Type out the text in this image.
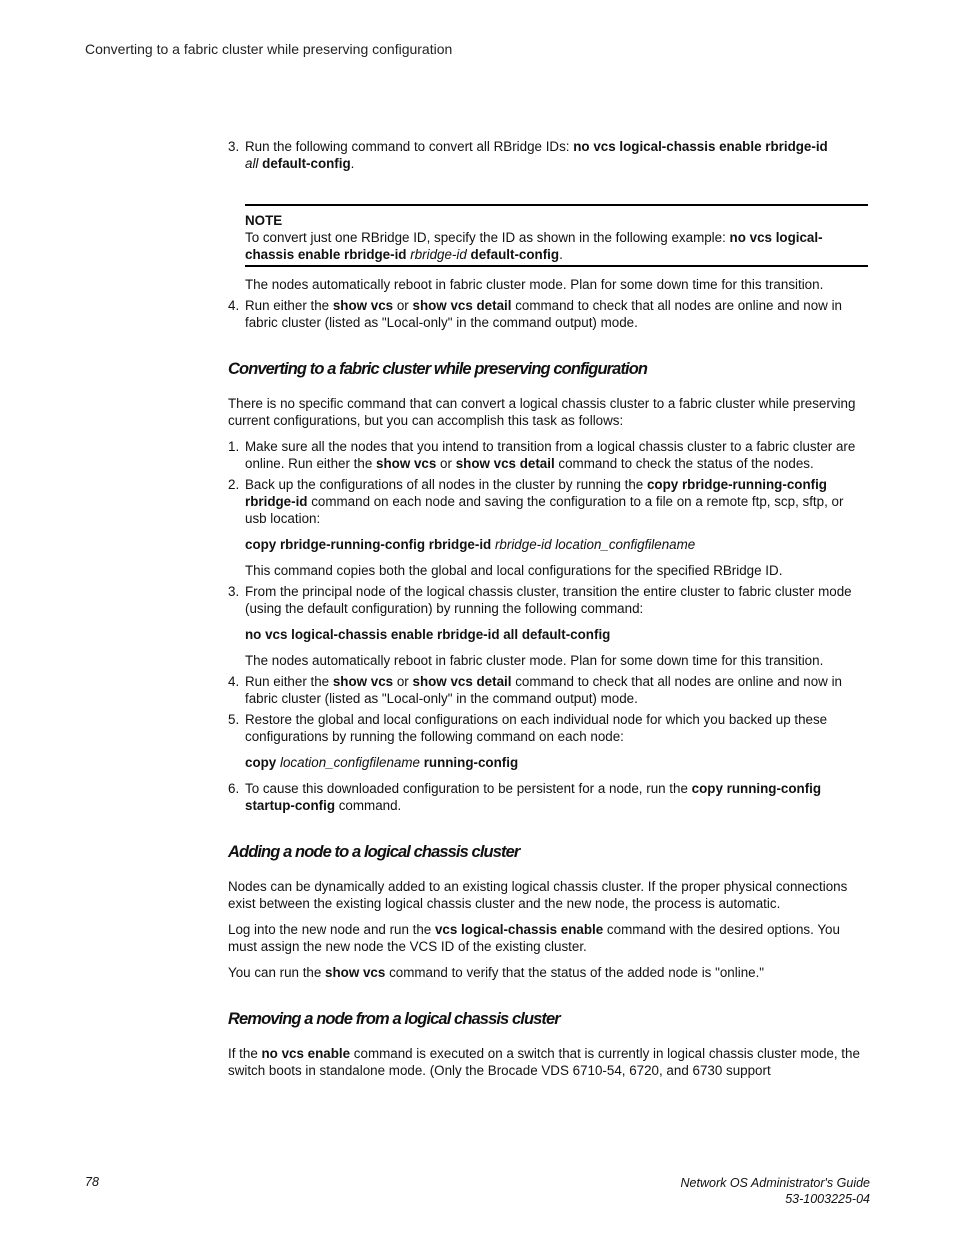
Converting to a fabric cluster while preserving configuration
3. Run the following command to convert all RBridge IDs: no vcs logical-chassis enable rbridge-id
all default-config.
NOTE
To convert just one RBridge ID, specify the ID as shown in the following example: no vcs logical-chassis enable rbridge-id rbridge-id default-config.
The nodes automatically reboot in fabric cluster mode. Plan for some down time for this transition.
4. Run either the show vcs or show vcs detail command to check that all nodes are online and now in fabric cluster (listed as "Local-only" in the command output) mode.
Converting to a fabric cluster while preserving configuration
There is no specific command that can convert a logical chassis cluster to a fabric cluster while preserving current configurations, but you can accomplish this task as follows:
1. Make sure all the nodes that you intend to transition from a logical chassis cluster to a fabric cluster are online. Run either the show vcs or show vcs detail command to check the status of the nodes.
2. Back up the configurations of all nodes in the cluster by running the copy rbridge-running-config rbridge-id command on each node and saving the configuration to a file on a remote ftp, scp, sftp, or usb location:
copy rbridge-running-config rbridge-id rbridge-id location_configfilename
This command copies both the global and local configurations for the specified RBridge ID.
3. From the principal node of the logical chassis cluster, transition the entire cluster to fabric cluster mode (using the default configuration) by running the following command:
no vcs logical-chassis enable rbridge-id all default-config
The nodes automatically reboot in fabric cluster mode. Plan for some down time for this transition.
4. Run either the show vcs or show vcs detail command to check that all nodes are online and now in fabric cluster (listed as "Local-only" in the command output) mode.
5. Restore the global and local configurations on each individual node for which you backed up these configurations by running the following command on each node:
copy location_configfilename running-config
6. To cause this downloaded configuration to be persistent for a node, run the copy running-config startup-config command.
Adding a node to a logical chassis cluster
Nodes can be dynamically added to an existing logical chassis cluster. If the proper physical connections exist between the existing logical chassis cluster and the new node, the process is automatic.
Log into the new node and run the vcs logical-chassis enable command with the desired options. You must assign the new node the VCS ID of the existing cluster.
You can run the show vcs command to verify that the status of the added node is "online."
Removing a node from a logical chassis cluster
If the no vcs enable command is executed on a switch that is currently in logical chassis cluster mode, the switch boots in standalone mode. (Only the Brocade VDS 6710-54, 6720, and 6730 support
78	Network OS Administrator's Guide
53-1003225-04
